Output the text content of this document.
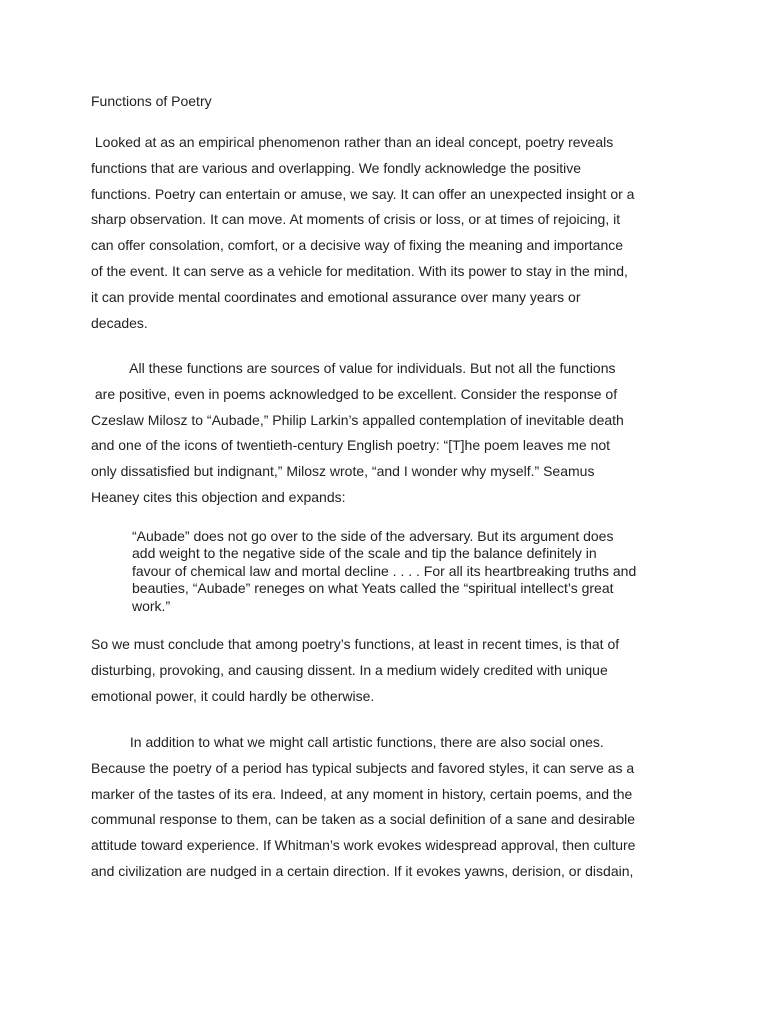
Functions of Poetry

Looked at as an empirical phenomenon rather than an ideal concept, poetry reveals
functions that are various and overlapping. We fondly acknowledge the positive
functions. Poetry can entertain or amuse, we say. It can offer an unexpected insight or a
sharp observation. It can move. At moments of crisis or loss, or at times of rejoicing, it
can offer consolation, comfort, or a decisive way of fixing the meaning and importance
of the event. It can serve as a vehicle for meditation. With its power to stay in the mind,
it can provide mental coordinates and emotional assurance over many years or
decades.

All these functions are sources of value for individuals. But not all the functions
are positive, even in poems acknowledged to be excellent. Consider the response of
Czeslaw Milosz to “Aubade,” Philip Larkin’s appalled contemplation of inevitable death
and one of the icons of twentieth-century English poetry: “[T]he poem leaves me not
only dissatisfied but indignant,” Milosz wrote, “and I wonder why myself.” Seamus
Heaney cites this objection and expands:

“Aubade” does not go over to the side of the adversary. But its argument does
add weight to the negative side of the scale and tip the balance definitely in
favour of chemical law and mortal decline . . . . For all its heartbreaking truths and
beauties, “Aubade” reneges on what Yeats called the “spiritual intellect’s great
work.”

So we must conclude that among poetry’s functions, at least in recent times, is that of
disturbing, provoking, and causing dissent. In a medium widely credited with unique
emotional power, it could hardly be otherwise.

In addition to what we might call artistic functions, there are also social ones.
Because the poetry of a period has typical subjects and favored styles, it can serve as a
marker of the tastes of its era. Indeed, at any moment in history, certain poems, and the
communal response to them, can be taken as a social definition of a sane and desirable
attitude toward experience. If Whitman’s work evokes widespread approval, then culture
and civilization are nudged in a certain direction. If it evokes yawns, derision, or disdain,
